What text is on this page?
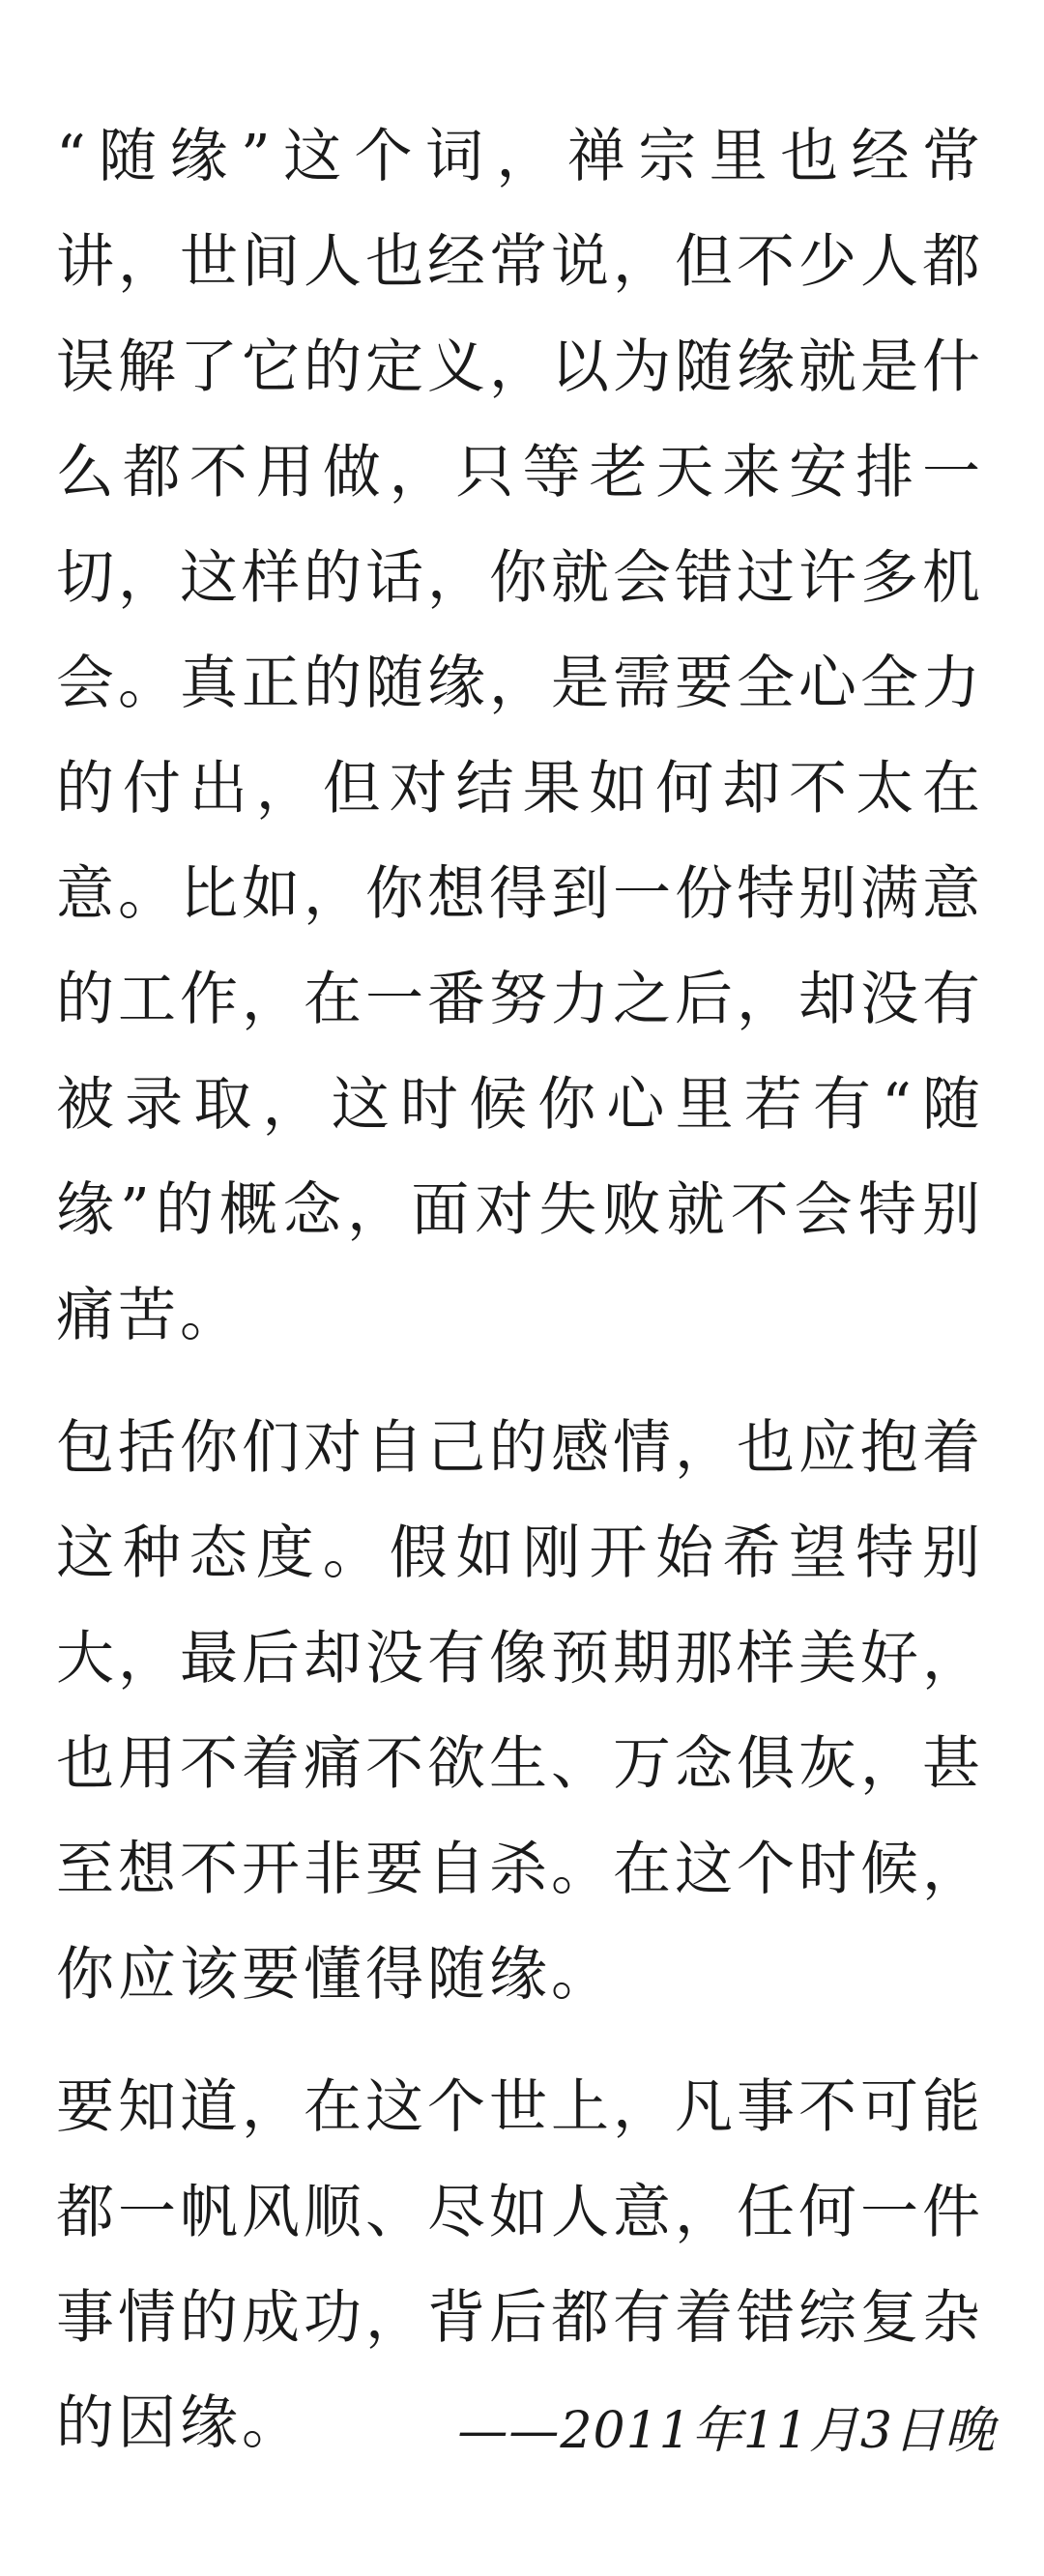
“随缘”这个词，禅宗里也经常讲，世间人也经常说，但不少人都误解了它的定义，以为随缘就是什么都不用做，只等老天来安排一切，这样的话，你就会错过许多机会。真正的随缘，是需要全心全力的付出，但对结果如何却不太在意。比如，你想得到一份特别满意的工作，在一番努力之后，却没有被录取，这时候你心里若有“随缘”的概念，面对失败就不会特别痛苦。

包括你们对自己的感情，也应抱着这种态度。假如刚开始希望特别大，最后却没有像预期那样美好，也用不着痛不欲生、万念俱灰，甚至想不开非要自杀。在这个时候，你应该要懂得随缘。

要知道，在这个世上，凡事不可能都一帆风顺、尽如人意，任何一件事情的成功，背后都有着错综复杂的因缘。	——2011年11月3日晚
